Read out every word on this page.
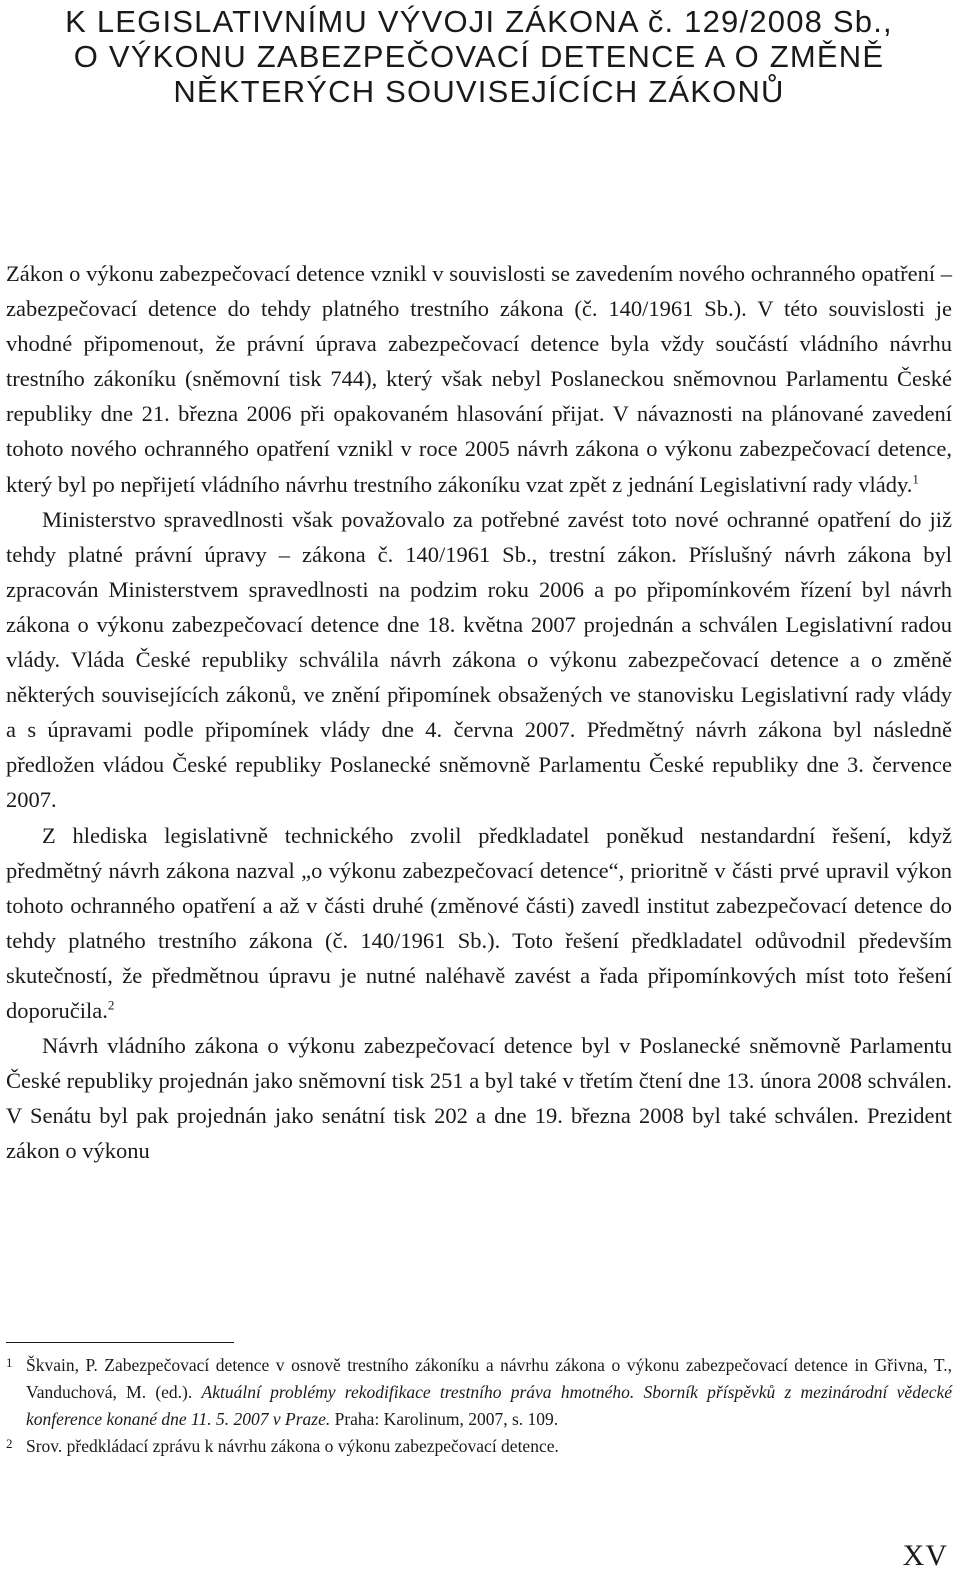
K LEGISLATIVNÍMU VÝVOJI ZÁKONA č. 129/2008 Sb.,
O VÝKONU ZABEZPEČOVACÍ DETENCE A O ZMĚNĚ
NĚKTERÝCH SOUVISEJÍCÍCH ZÁKONŮ

Zákon o výkonu zabezpečovací detence vznikl v souvislosti se zavedením nového ochranného opatření – zabezpečovací detence do tehdy platného trestního zákona (č. 140/1961 Sb.). V této souvislosti je vhodné připomenout, že právní úprava zabezpečovací detence byla vždy součástí vládního návrhu trestního zákoníku (sněmovní tisk 744), který však nebyl Poslaneckou sněmovnou Parlamentu České republiky dne 21. března 2006 při opakovaném hlasování přijat. V návaznosti na plánované zavedení tohoto nového ochranného opatření vznikl v roce 2005 návrh zákona o výkonu zabezpečovací detence, který byl po nepřijetí vládního návrhu trestního zákoníku vzat zpět z jednání Legislativní rady vlády.$^1$

Ministerstvo spravedlnosti však považovalo za potřebné zavést toto nové ochranné opatření do již tehdy platné právní úpravy – zákona č. 140/1961 Sb., trestní zákon. Příslušný návrh zákona byl zpracován Ministerstvem spravedlnosti na podzim roku 2006 a po připomínkovém řízení byl návrh zákona o výkonu zabezpečovací detence dne 18. května 2007 projednán a schválen Legislativní radou vlády. Vláda České republiky schválila návrh zákona o výkonu zabezpečovací detence a o změně některých souvisejících zákonů, ve znění připomínek obsažených ve stanovisku Legislativní rady vlády a s úpravami podle připomínek vlády dne 4. června 2007. Předmětný návrh zákona byl následně předložen vládou České republiky Poslanecké sněmovně Parlamentu České republiky dne 3. července 2007.

Z hlediska legislativně technického zvolil předkladatel poněkud nestandardní řešení, když předmětný návrh zákona nazval „o výkonu zabezpečovací detence“, prioritně v části prvé upravil výkon tohoto ochranného opatření a až v části druhé (změnové části) zavedl institut zabezpečovací detence do tehdy platného trestního zákona (č. 140/1961 Sb.). Toto řešení předkladatel odůvodnil především skutečností, že předmětnou úpravu je nutné naléhavě zavést a řada připomínkových míst toto řešení doporučila.$^2$

Návrh vládního zákona o výkonu zabezpečovací detence byl v Poslanecké sněmovně Parlamentu České republiky projednán jako sněmovní tisk 251 a byl také v třetím čtení dne 13. února 2008 schválen. V Senátu byl pak projednán jako senátní tisk 202 a dne 19. března 2008 byl také schválen. Prezident zákon o výkonu

1 Škvain, P. Zabezpečovací detence v osnově trestního zákoníku a návrhu zákona o výkonu zabezpečovací detence in Gřivna, T., Vanduchová, M. (ed.). Aktuální problémy rekodifikace trestního práva hmotného. Sborník příspěvků z mezinárodní vědecké konference konané dne 11. 5. 2007 v Praze. Praha: Karolinum, 2007, s. 109.
2 Srov. předkládací zprávu k návrhu zákona o výkonu zabezpečovací detence.
XV
